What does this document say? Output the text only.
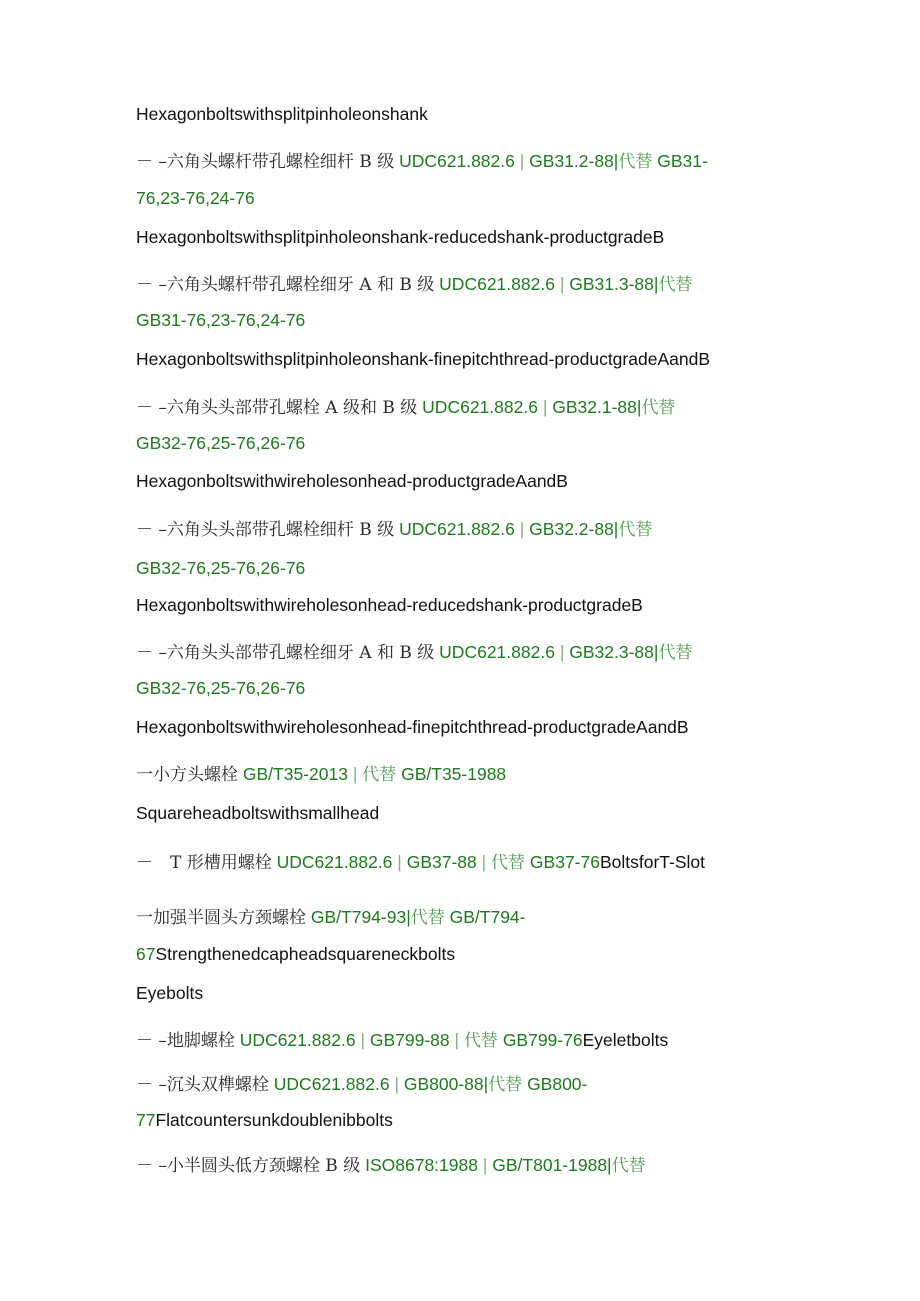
Hexagonboltswithsplitpinholeonshank
－ –六角头螺杆带孔螺栓细杆 B 级 UDC621.882.6 | GB31.2-88|代替 GB31-
76,23-76,24-76
Hexagonboltswithsplitpinholeonshank-reducedshank-productgradeB
－ –六角头螺杆带孔螺栓细牙 A 和 B 级 UDC621.882.6 | GB31.3-88|代替
GB31-76,23-76,24-76
Hexagonboltswithsplitpinholeonshank-finepitchthread-productgradeAandB
－ –六角头头部带孔螺栓 A 级和 B 级 UDC621.882.6 | GB32.1-88|代替
GB32-76,25-76,26-76
Hexagonboltswithwireholesonhead-productgradeAandB
－ –六角头头部带孔螺栓细杆 B 级 UDC621.882.6 | GB32.2-88|代替
GB32-76,25-76,26-76
Hexagonboltswithwireholesonhead-reducedshank-productgradeB
－ –六角头头部带孔螺栓细牙 A 和 B 级 UDC621.882.6 | GB32.3-88|代替
GB32-76,25-76,26-76
Hexagonboltswithwireholesonhead-finepitchthread-productgradeAandB
一小方头螺栓 GB/T35-2013 | 代替 GB/T35-1988
Squareheadboltswithsmallhead
－　T 形槽用螺栓 UDC621.882.6 | GB37-88 | 代替 GB37-76BoltsforT-Slot
一加强半圆头方颈螺栓 GB/T794-93|代替 GB/T794-
67Strengthenedcapheadsquareneckbolts
Eyebolts
－ –地脚螺栓 UDC621.882.6 | GB799-88 | 代替 GB799-76Eyeletbolts
－ –沉头双榫螺栓 UDC621.882.6 | GB800-88|代替 GB800-
77Flatcountersunkdoublenibbolts
－ –小半圆头低方颈螺栓 B 级 ISO8678:1988 | GB/T801-1988|代替
